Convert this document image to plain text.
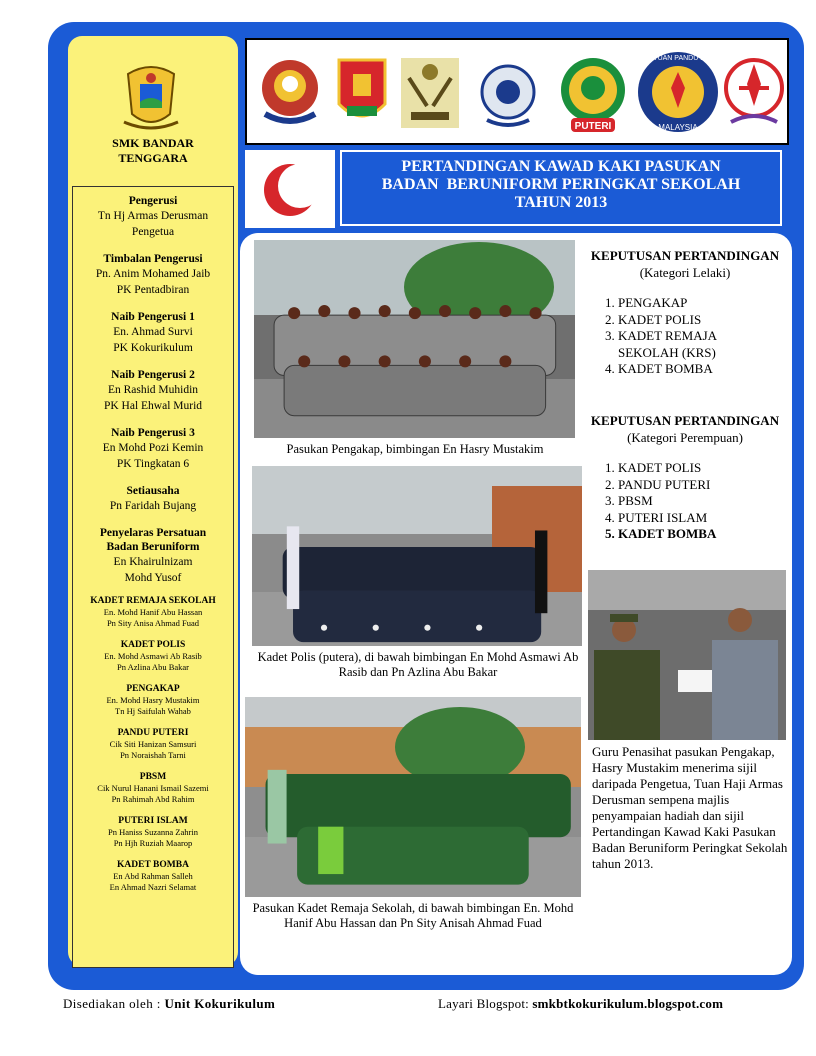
SMK BANDAR
TENGGARA
Pengerusi
Tn Hj Armas Derusman
Pengetua
Timbalan Pengerusi
Pn. Anim Mohamed Jaib
PK Pentadbiran
Naib Pengerusi 1
En. Ahmad Survi
PK Kokurikulum
Naib Pengerusi 2
En Rashid Muhidin
PK Hal Ehwal Murid
Naib Pengerusi 3
En Mohd Pozi Kemin
PK Tingkatan 6
Setiausaha
Pn Faridah Bujang
Penyelaras Persatuan Badan Beruniform
En Khairulnizam
Mohd Yusof
KADET REMAJA SEKOLAH
En. Mohd Hanif Abu Hassan
Pn Sity Anisa Ahmad Fuad
KADET POLIS
En. Mohd Asmawi Ab Rasib
Pn Azlina Abu Bakar
PENGAKAP
En. Mohd Hasry Mustakim
Tn Hj Saifulah Wahab
PANDU PUTERI
Cik Siti Hanizan Samsuri
Pn Noraishah Tarni
PBSM
Cik Nurul Hanani Ismail Sazemi
Pn Rahimah Abd Rahim
PUTERI ISLAM
Pn Haniss Suzanna Zahrin
Pn Hjh Ruziah Maarop
KADET BOMBA
En Abd Rahman Salleh
En Ahmad Nazri Selamat
PUTERI
PERSATUAN PANDU PUTERI
MALAYSIA
PERTANDINGAN KAWAD KAKI PASUKAN
BADAN  BERUNIFORM PERINGKAT SEKOLAH
TAHUN 2013
Pasukan Pengakap, bimbingan En Hasry Mustakim
Kadet Polis (putera), di bawah bimbingan En Mohd Asmawi Ab Rasib dan Pn Azlina Abu Bakar
Pasukan Kadet Remaja Sekolah, di bawah bimbingan En. Mohd Hanif Abu Hassan dan Pn Sity Anisah Ahmad Fuad
KEPUTUSAN PERTANDINGAN
(Kategori Lelaki)
1. PENGAKAP
2. KADET POLIS
3. KADET REMAJA SEKOLAH (KRS)
4. KADET BOMBA
KEPUTUSAN PERTANDINGAN
(Kategori Perempuan)
1. KADET POLIS
2. PANDU PUTERI
3. PBSM
4. PUTERI ISLAM
5. KADET BOMBA
Guru Penasihat pasukan Pengakap, Hasry Mustakim menerima sijil daripada Pengetua, Tuan Haji Armas Derusman sempena majlis penyampaian hadiah dan sijil Pertandingan Kawad Kaki Pasukan Badan Beruniform Peringkat Sekolah tahun 2013.
Disediakan oleh : Unit Kokurikulum	Layari Blogspot: smkbtkokurikulum.blogspot.com
